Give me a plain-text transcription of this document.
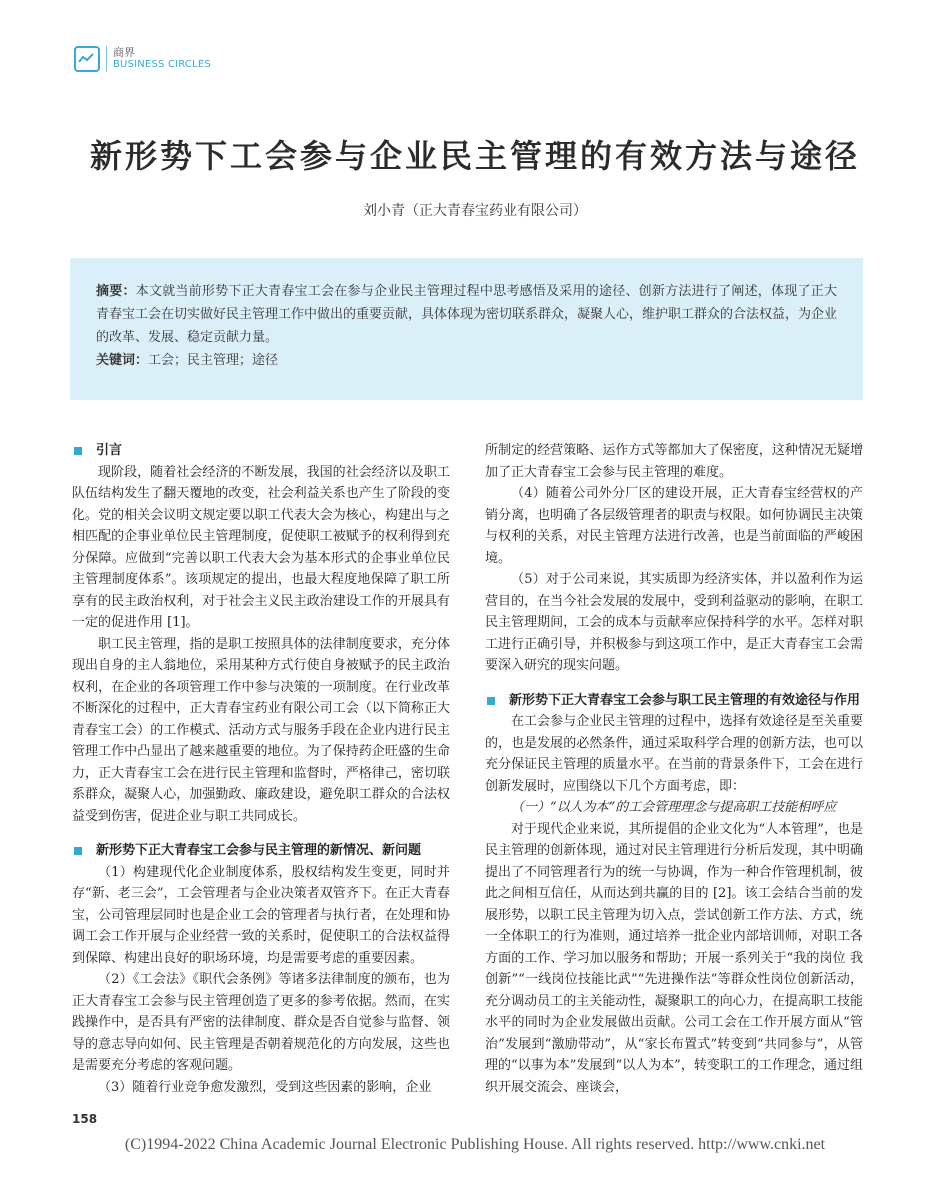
商界
BUSINESS CIRCLES
新形势下工会参与企业民主管理的有效方法与途径
刘小青（正大青春宝药业有限公司）

摘要：本文就当前形势下正大青春宝工会在参与企业民主管理过程中思考感悟及采用的途径、创新方法进行了阐述，体现了正大青春宝工会在切实做好民主管理工作中做出的重要贡献，具体体现为密切联系群众，凝聚人心，维护职工群众的合法权益，为企业的改革、发展、稳定贡献力量。

关键词：工会；民主管理；途径

引言

现阶段，随着社会经济的不断发展，我国的社会经济以及职工队伍结构发生了翻天覆地的改变，社会利益关系也产生了阶段的变化。党的相关会议明文规定要以职工代表大会为核心，构建出与之相匹配的企事业单位民主管理制度，促使职工被赋予的权利得到充分保障。应做到“完善以职工代表大会为基本形式的企事业单位民主管理制度体系”。该项规定的提出，也最大程度地保障了职工所享有的民主政治权利，对于社会主义民主政治建设工作的开展具有一定的促进作用 [1]。

职工民主管理，指的是职工按照具体的法律制度要求，充分体现出自身的主人翁地位，采用某种方式行使自身被赋予的民主政治权利，在企业的各项管理工作中参与决策的一项制度。在行业改革不断深化的过程中，正大青春宝药业有限公司工会（以下简称正大青春宝工会）的工作模式、活动方式与服务手段在企业内进行民主管理工作中凸显出了越来越重要的地位。为了保持药企旺盛的生命力，正大青春宝工会在进行民主管理和监督时，严格律己，密切联系群众，凝聚人心，加强勤政、廉政建设，避免职工群众的合法权益受到伤害，促进企业与职工共同成长。

新形势下正大青春宝工会参与民主管理的新情况、新问题

（1）构建现代化企业制度体系，股权结构发生变更，同时并存“新、老三会”，工会管理者与企业决策者双管齐下。在正大青春宝，公司管理层同时也是企业工会的管理者与执行者，在处理和协调工会工作开展与企业经营一致的关系时，促使职工的合法权益得到保障、构建出良好的职场环境，均是需要考虑的重要因素。

（2）《工会法》《职代会条例》等诸多法律制度的颁布，也为正大青春宝工会参与民主管理创造了更多的参考依据。然而，在实践操作中，是否具有严密的法律制度、群众是否自觉参与监督、领导的意志导向如何、民主管理是否朝着规范化的方向发展，这些也是需要充分考虑的客观问题。

（3）随着行业竞争愈发激烈，受到这些因素的影响，企业

所制定的经营策略、运作方式等都加大了保密度，这种情况无疑增加了正大青春宝工会参与民主管理的难度。

（4）随着公司外分厂区的建设开展，正大青春宝经营权的产销分离，也明确了各层级管理者的职责与权限。如何协调民主决策与权利的关系，对民主管理方法进行改善，也是当前面临的严峻困境。

（5）对于公司来说，其实质即为经济实体，并以盈利作为运营目的，在当今社会发展的发展中，受到利益驱动的影响，在职工民主管理期间，工会的成本与贡献率应保持科学的水平。怎样对职工进行正确引导，并积极参与到这项工作中，是正大青春宝工会需要深入研究的现实问题。

新形势下正大青春宝工会参与职工民主管理的有效途径与作用

在工会参与企业民主管理的过程中，选择有效途径是至关重要的，也是发展的必然条件，通过采取科学合理的创新方法，也可以充分保证民主管理的质量水平。在当前的背景条件下，工会在进行创新发展时，应围绕以下几个方面考虑，即：

（一）“以人为本”的工会管理理念与提高职工技能相呼应

对于现代企业来说，其所提倡的企业文化为“人本管理”，也是民主管理的创新体现，通过对民主管理进行分析后发现，其中明确提出了不同管理者行为的统一与协调，作为一种合作管理机制，彼此之间相互信任，从而达到共赢的目的 [2]。该工会结合当前的发展形势，以职工民主管理为切入点，尝试创新工作方法、方式，统一全体职工的行为准则，通过培养一批企业内部培训师，对职工各方面的工作、学习加以服务和帮助；开展一系列关于“我的岗位 我创新”“一线岗位技能比武”“先进操作法”等群众性岗位创新活动，充分调动员工的主关能动性，凝聚职工的向心力，在提高职工技能水平的同时为企业发展做出贡献。公司工会在工作开展方面从“管治”发展到“激励带动”，从“家长布置式”转变到“共同参与”，从管理的“以事为本”发展到“以人为本”，转变职工的工作理念，通过组织开展交流会、座谈会，

158
(C)1994-2022 China Academic Journal Electronic Publishing House. All rights reserved. http://www.cnki.net
